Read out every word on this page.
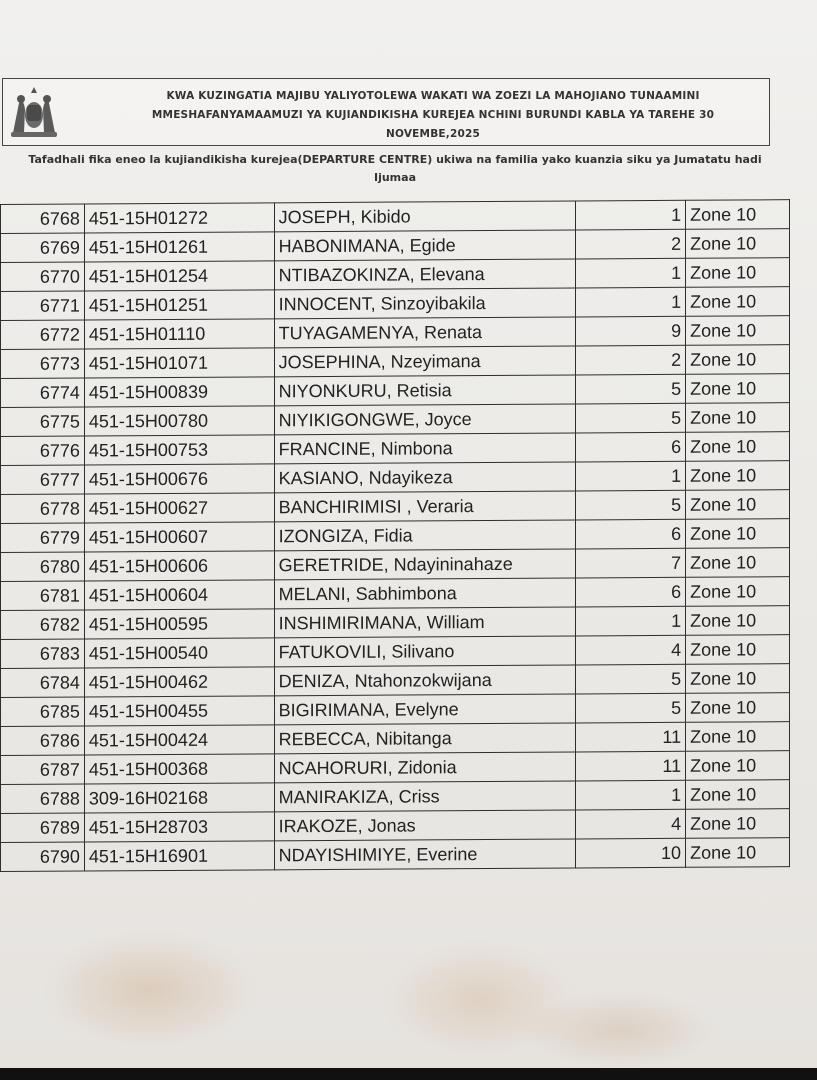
KWA KUZINGATIA MAJIBU YALIYOTOLEWA WAKATI WA ZOEZI LA MAHOJIANO TUNAAMINI
MMESHAFANYAMAAMUZI YA KUJIANDIKISHA KUREJEA NCHINI BURUNDI KABLA YA TAREHE 30
NOVEMBE,2025
Tafadhali fika eneo la kujiandikisha kurejea(DEPARTURE CENTRE) ukiwa na familia yako kuanzia siku ya Jumatatu hadi
Ijumaa
6768	451-15H01272	JOSEPH, Kibido	1	Zone 10
6769	451-15H01261	HABONIMANA, Egide	2	Zone 10
6770	451-15H01254	NTIBAZOKINZA, Elevana	1	Zone 10
6771	451-15H01251	INNOCENT, Sinzoyibakila	1	Zone 10
6772	451-15H01110	TUYAGAMENYA, Renata	9	Zone 10
6773	451-15H01071	JOSEPHINA, Nzeyimana	2	Zone 10
6774	451-15H00839	NIYONKURU, Retisia	5	Zone 10
6775	451-15H00780	NIYIKIGONGWE, Joyce	5	Zone 10
6776	451-15H00753	FRANCINE, Nimbona	6	Zone 10
6777	451-15H00676	KASIANO, Ndayikeza	1	Zone 10
6778	451-15H00627	BANCHIRIMISI , Veraria	5	Zone 10
6779	451-15H00607	IZONGIZA, Fidia	6	Zone 10
6780	451-15H00606	GERETRIDE, Ndayininahaze	7	Zone 10
6781	451-15H00604	MELANI, Sabhimbona	6	Zone 10
6782	451-15H00595	INSHIMIRIMANA, William	1	Zone 10
6783	451-15H00540	FATUKOVILI, Silivano	4	Zone 10
6784	451-15H00462	DENIZA, Ntahonzokwijana	5	Zone 10
6785	451-15H00455	BIGIRIMANA, Evelyne	5	Zone 10
6786	451-15H00424	REBECCA, Nibitanga	11	Zone 10
6787	451-15H00368	NCAHORURI, Zidonia	11	Zone 10
6788	309-16H02168	MANIRAKIZA, Criss	1	Zone 10
6789	451-15H28703	IRAKOZE, Jonas	4	Zone 10
6790	451-15H16901	NDAYISHIMIYE, Everine	10	Zone 10
